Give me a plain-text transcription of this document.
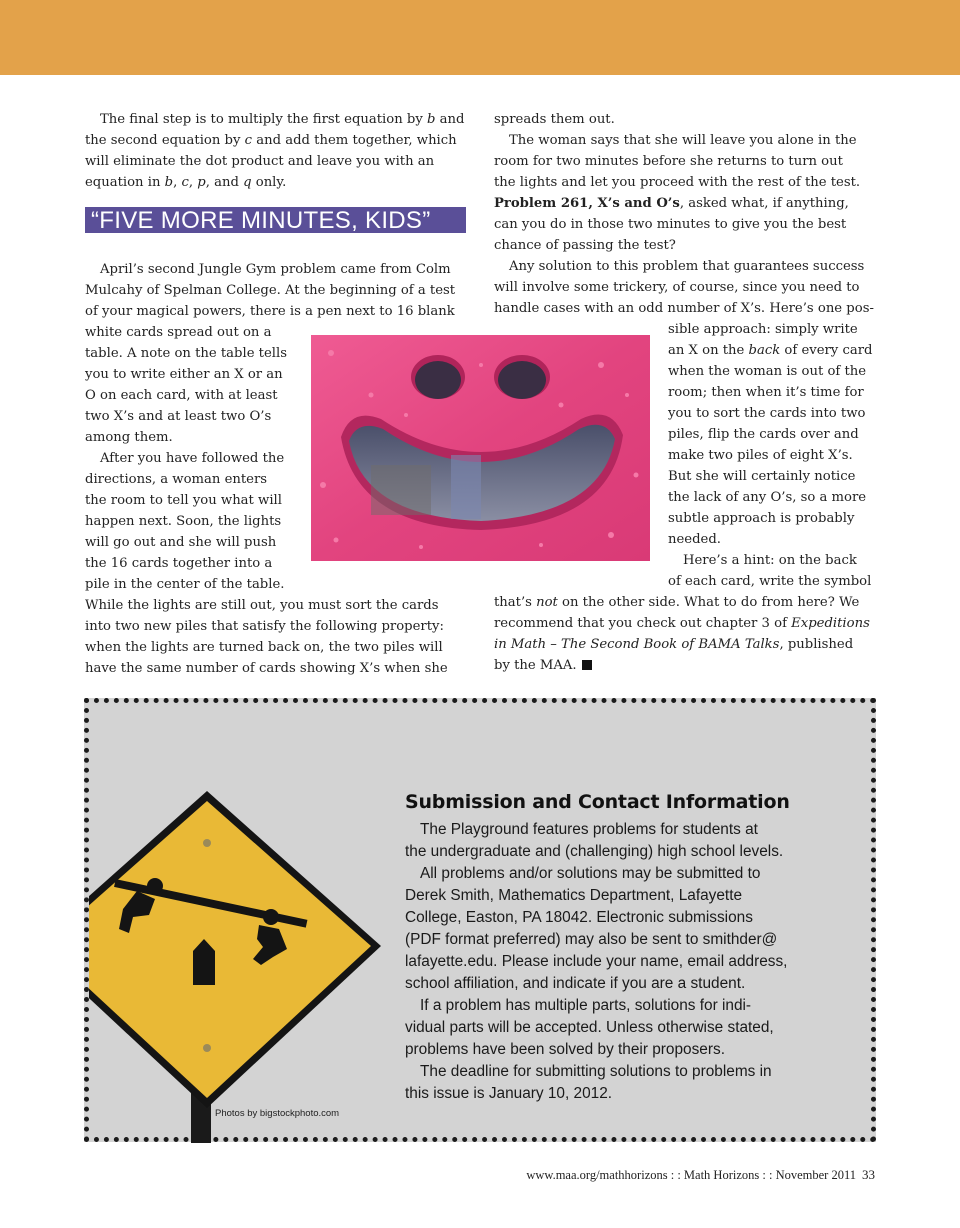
The final step is to multiply the first equation by b and
the second equation by c and add them together, which
will eliminate the dot product and leave you with an
equation in b, c, p, and q only.
“FIVE MORE MINUTES, KIDS”
April’s second Jungle Gym problem came from Colm
Mulcahy of Spelman College. At the beginning of a test
of your magical powers, there is a pen next to 16 blank
white cards spread out on a
table. A note on the table tells
you to write either an X or an
O on each card, with at least
two X’s and at least two O’s
among them.
After you have followed the
directions, a woman enters
the room to tell you what will
happen next. Soon, the lights
will go out and she will push
the 16 cards together into a
pile in the center of the table.
While the lights are still out, you must sort the cards
into two new piles that satisfy the following property:
when the lights are turned back on, the two piles will
have the same number of cards showing X’s when she
spreads them out.
The woman says that she will leave you alone in the
room for two minutes before she returns to turn out
the lights and let you proceed with the rest of the test.
Problem 261, X’s and O’s, asked what, if anything,
can you do in those two minutes to give you the best
chance of passing the test?
Any solution to this problem that guarantees success
will involve some trickery, of course, since you need to
handle cases with an odd number of X’s. Here’s one pos-
sible approach: simply write
an X on the back of every card
when the woman is out of the
room; then when it’s time for
you to sort the cards into two
piles, flip the cards over and
make two piles of eight X’s.
But she will certainly notice
the lack of any O’s, so a more
subtle approach is probably
needed.
Here’s a hint: on the back
of each card, write the symbol
that’s not on the other side. What to do from here? We
recommend that you check out chapter 3 of Expeditions
in Math – The Second Book of BAMA Talks, published
by the MAA.
Photos by bigstockphoto.com
Submission and Contact Information
The Playground features problems for students at
the undergraduate and (challenging) high school levels.
All problems and/or solutions may be submitted to
Derek Smith, Mathematics Department, Lafayette
College, Easton, PA 18042. Electronic submissions
(PDF format preferred) may also be sent to smithder@
lafayette.edu. Please include your name, email address,
school affiliation, and indicate if you are a student.
If a problem has multiple parts, solutions for indi-
vidual parts will be accepted. Unless otherwise stated,
problems have been solved by their proposers.
The deadline for submitting solutions to problems in
this issue is January 10, 2012.
www.maa.org/mathhorizons : : Math Horizons : : November 2011 33
